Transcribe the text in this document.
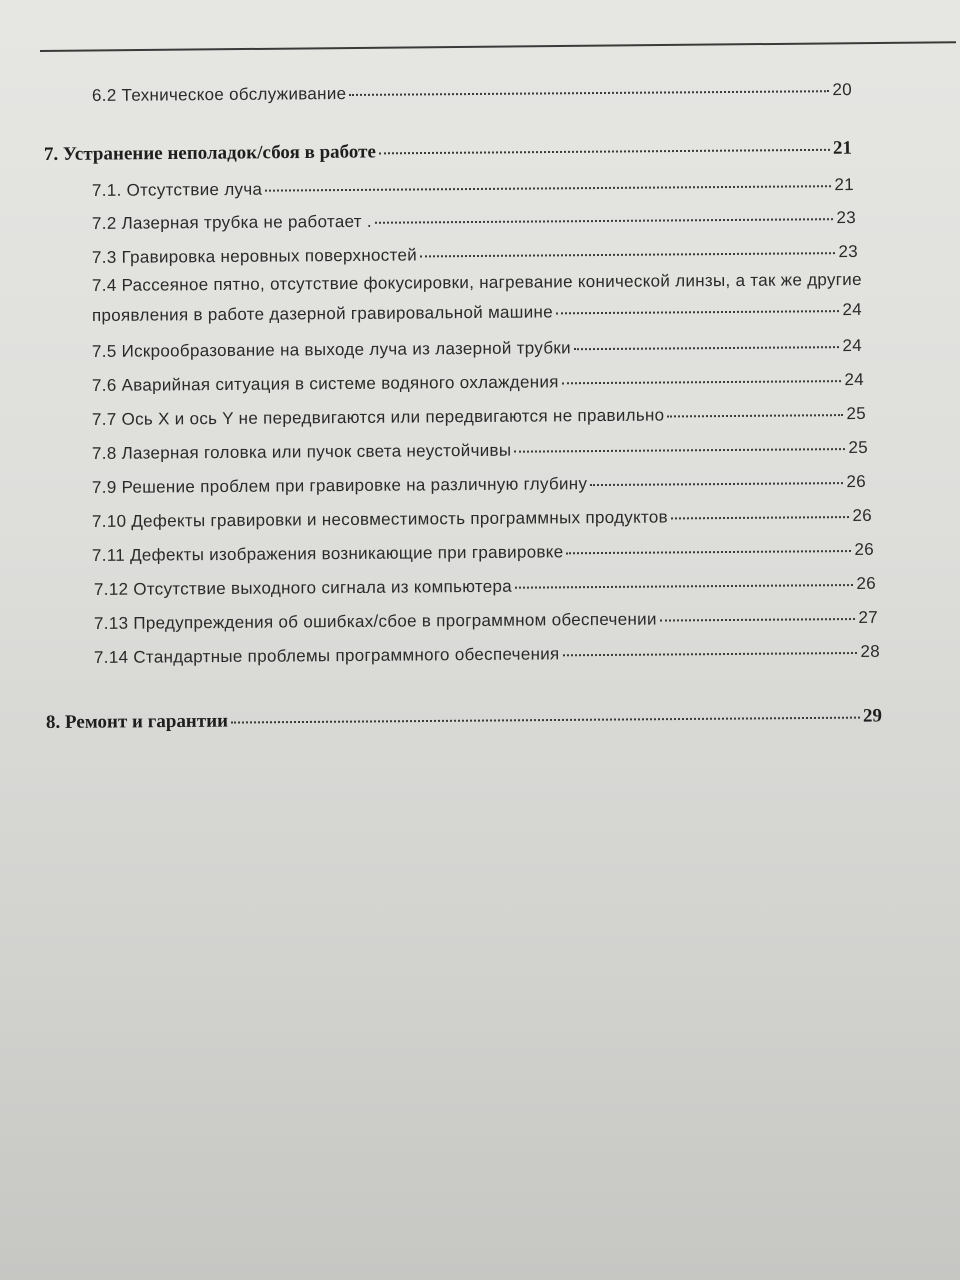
6.2 Техническое обслуживание	20
7. Устранение неполадок/сбоя в работе	21
7.1. Отсутствие луча	21
7.2 Лазерная трубка не работает .	23
7.3 Гравировка неровных поверхностей	23
7.4 Рассеяное пятно, отсутствие фокусировки, нагревание конической линзы, а так же другие
проявления в работе дазерной гравировальной машине	24
7.5 Искрообразование на выходе луча из лазерной трубки	24
7.6 Аварийная ситуация в системе водяного охлаждения	24
7.7 Ось X и ось Y не передвигаются или передвигаются не правильно	25
7.8 Лазерная головка или пучок света неустойчивы	25
7.9 Решение проблем при гравировке на различную глубину	26
7.10 Дефекты гравировки и несовместимость программных продуктов	26
7.11 Дефекты изображения возникающие при гравировке	26
7.12 Отсутствие выходного сигнала из компьютера	26
7.13 Предупреждения об ошибках/сбое в программном обеспечении	27
7.14 Стандартные проблемы программного обеспечения	28
8. Ремонт и гарантии	29
